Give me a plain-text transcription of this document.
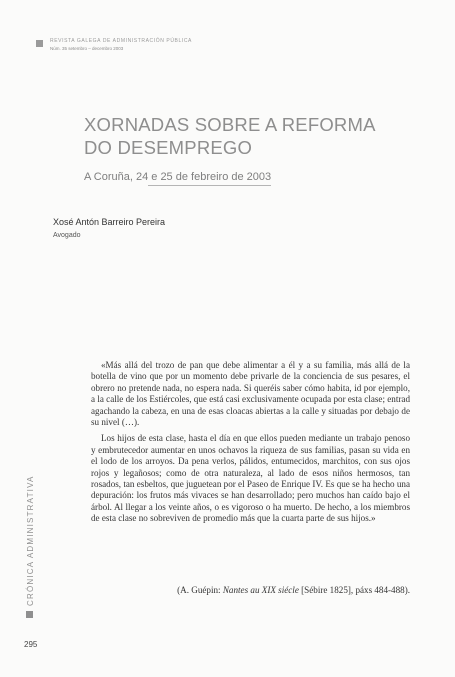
REVISTA GALEGA DE ADMINISTRACIÓN PÚBLICA
Núm. 35 setembro – decembro 2003
XORNADAS SOBRE A REFORMA DO DESEMPREGO
A Coruña, 24 e 25 de febreiro de 2003
Xosé Antón Barreiro Pereira
Avogado

«Más allá del trozo de pan que debe alimentar a él y a su familia, más allá de la botella de vino que por un momento debe privarle de la conciencia de sus pesares, el obrero no pretende nada, no espera nada. Si queréis saber cómo habita, id por ejemplo, a la calle de los Estiércoles, que está casi exclusivamente ocupada por esta clase; entrad agachando la cabeza, en una de esas cloacas abiertas a la calle y situadas por debajo de su nivel (…).

Los hijos de esta clase, hasta el día en que ellos pueden mediante un trabajo penoso y embrutecedor aumentar en unos ochavos la riqueza de sus familias, pasan su vida en el lodo de los arroyos. Da pena verlos, pálidos, entumecidos, marchitos, con sus ojos rojos y legañosos; como de otra naturaleza, al lado de esos niños hermosos, tan rosados, tan esbeltos, que juguetean por el Paseo de Enrique IV. Es que se ha hecho una depuración: los frutos más vivaces se han desarrollado; pero muchos han caído bajo el árbol. Al llegar a los veinte años, o es vigoroso o ha muerto. De hecho, a los miembros de esta clase no sobreviven de promedio más que la cuarta parte de sus hijos.»

(A. Guépin: Nantes au XIX siécle [Sébire 1825], páxs 484-488).
CRÓNICA ADMINISTRATIVA
295
